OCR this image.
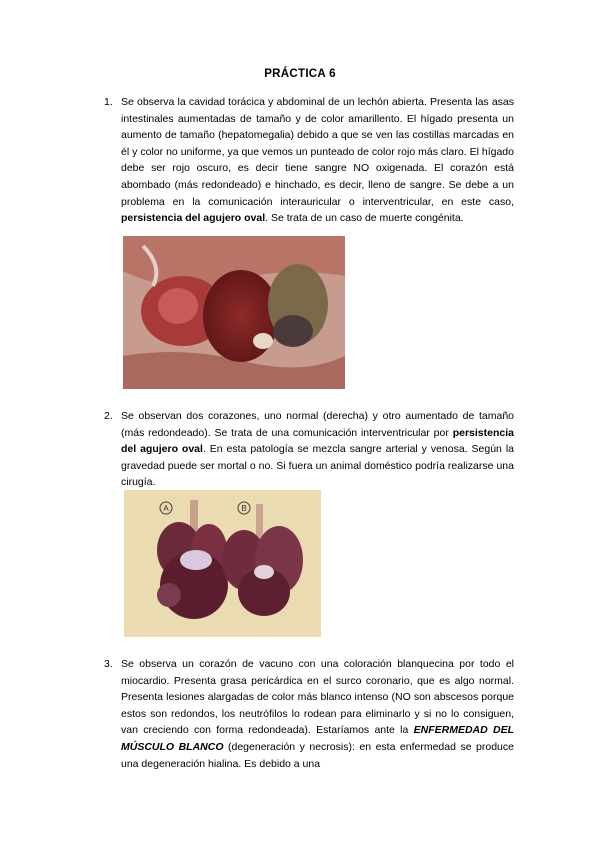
PRÁCTICA 6
1. Se observa la cavidad torácica y abdominal de un lechón abierta. Presenta las asas intestinales aumentadas de tamaño y de color amarillento. El hígado presenta un aumento de tamaño (hepatomegalia) debido a que se ven las costillas marcadas en él y color no uniforme, ya que vemos un punteado de color rojo más claro. El hígado debe ser rojo oscuro, es decir tiene sangre NO oxigenada. El corazón está abombado (más redondeado) e hinchado, es decir, lleno de sangre. Se debe a un problema en la comunicación interauricular o interventricular, en este caso, persistencia del agujero oval. Se trata de un caso de muerte congénita.

2. Se observan dos corazones, uno normal (derecha) y otro aumentado de tamaño (más redondeado). Se trata de una comunicación interventricular por persistencia del agujero oval. En esta patología se mezcla sangre arterial y venosa. Según la gravedad puede ser mortal o no. Si fuera un animal doméstico podría realizarse una cirugía.

A	B
3. Se observa un corazón de vacuno con una coloración blanquecina por todo el miocardio. Presenta grasa pericárdica en el surco coronario, que es algo normal. Presenta lesiones alargadas de color más blanco intenso (NO son abscesos porque estos son redondos, los neutrófilos lo rodean para eliminarlo y si no lo consiguen, van creciendo con forma redondeada). Estaríamos ante la ENFERMEDAD DEL MÚSCULO BLANCO (degeneración y necrosis): en esta enfermedad se produce una degeneración hialina. Es debido a una
